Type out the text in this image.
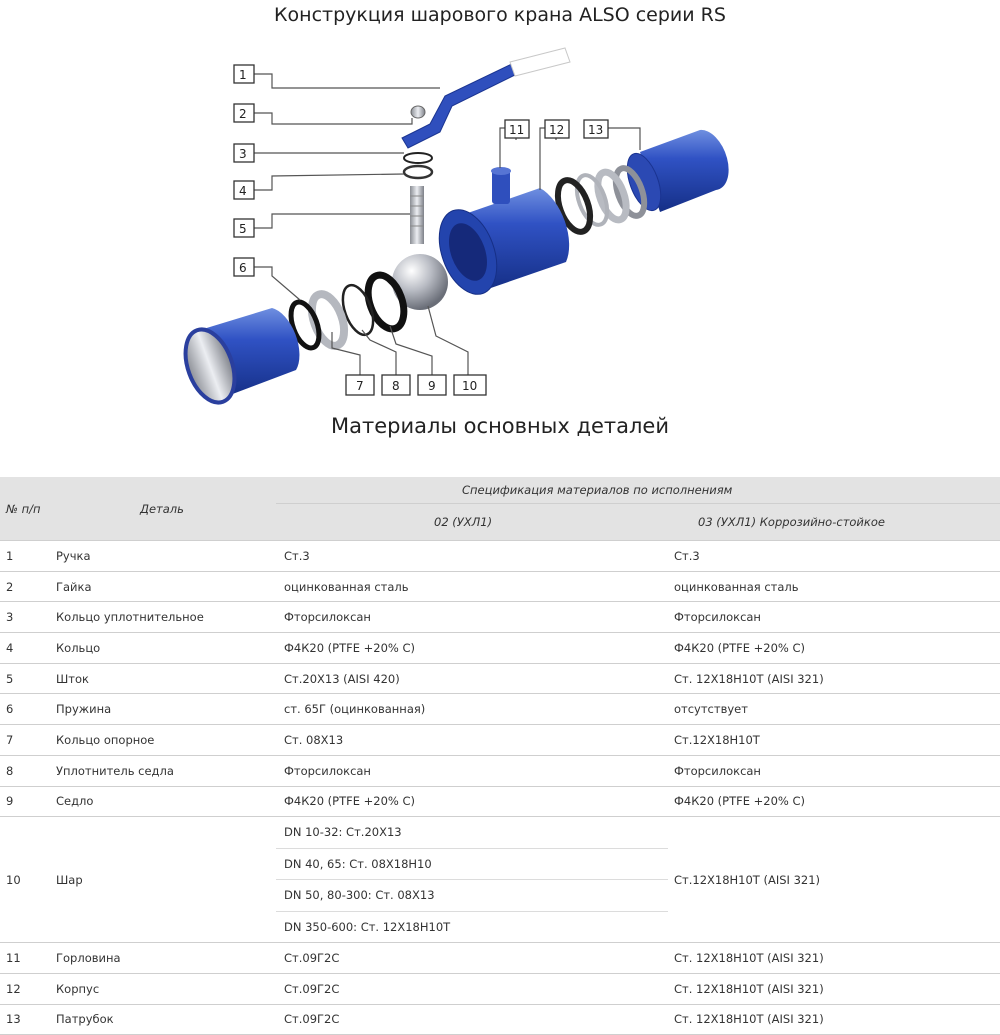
Конструкция шарового крана ALSO серии RS
1
2
3
4
5
6
7 8 9 10
11 12 13
Материалы основных деталей
№ п/п	Деталь	Спецификация материалов по исполнениям	
		02 (УХЛ1)	03 (УХЛ1) Коррозийно-стойкое
1	Ручка	Ст.3	Ст.3
2	Гайка	оцинкованная сталь	оцинкованная сталь
3	Кольцо уплотнительное	Фторсилоксан	Фторсилоксан
4	Кольцо	Ф4К20 (PTFE +20% C)	Ф4К20 (PTFE +20% C)
5	Шток	Ст.20Х13 (AISI 420)	Ст. 12Х18Н10Т (AISI 321)
6	Пружина	ст. 65Г (оцинкованная)	отсутствует
7	Кольцо опорное	Ст. 08Х13	Ст.12Х18Н10Т
8	Уплотнитель седла	Фторсилоксан	Фторсилоксан
9	Седло	Ф4К20 (PTFE +20% C)	Ф4К20 (PTFE +20% C)
10	Шар	DN 10-32: Ст.20Х13	Ст.12Х18Н10Т (AISI 321)
		DN 40, 65: Ст. 08Х18Н10	
		DN 50, 80-300: Ст. 08Х13	
		DN 350-600: Ст. 12Х18Н10Т	
11	Горловина	Ст.09Г2С	Ст. 12Х18Н10Т (AISI 321)
12	Корпус	Ст.09Г2С	Ст. 12Х18Н10Т (AISI 321)
13	Патрубок	Ст.09Г2С	Ст. 12Х18Н10Т (AISI 321)
